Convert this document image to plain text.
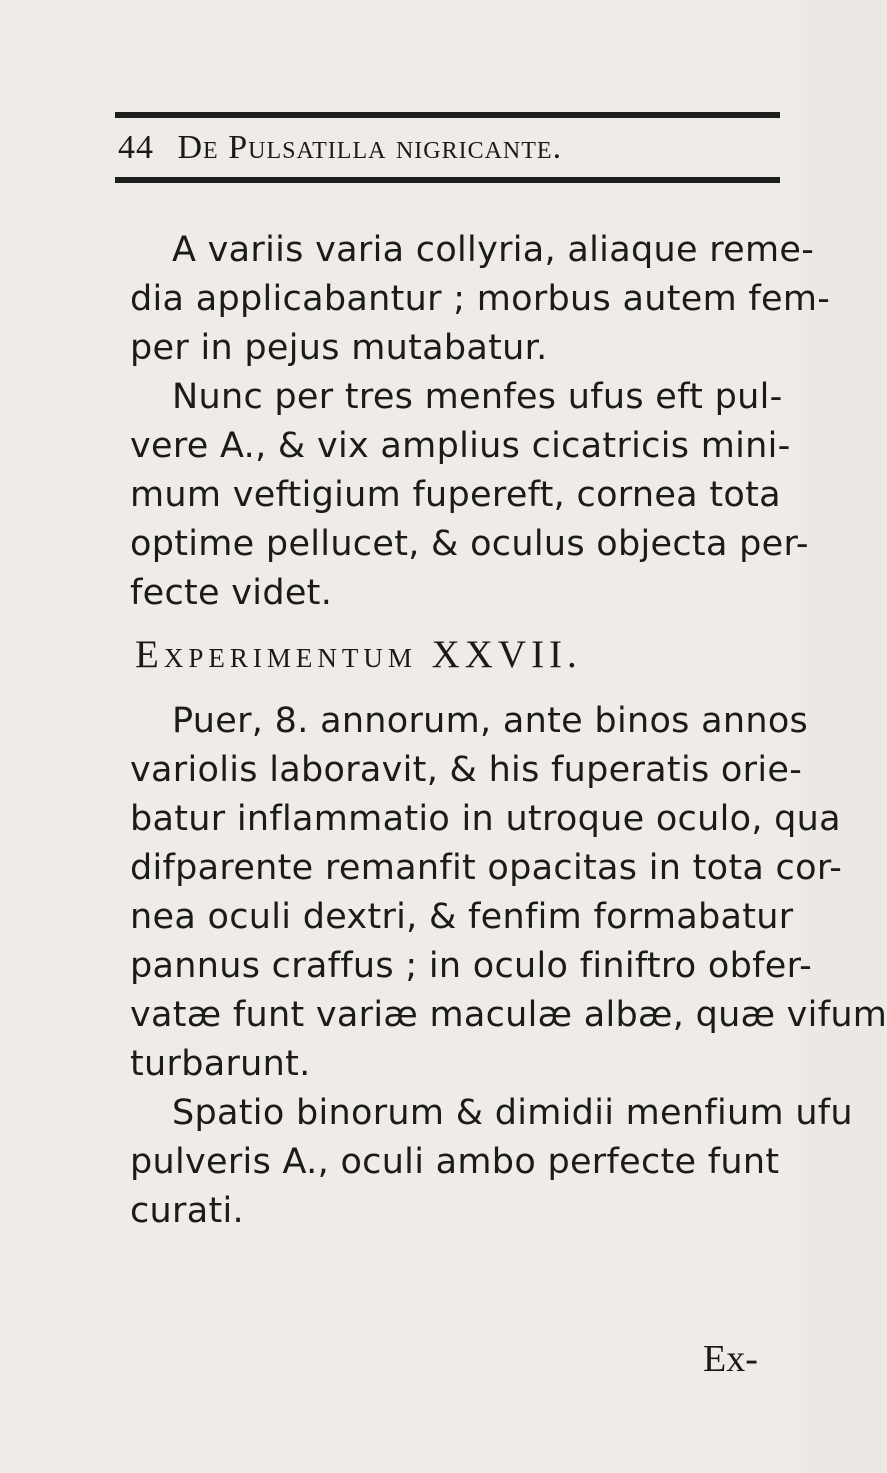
44 De Pulsatilla nigricante.
A variis varia collyria, aliaque reme-
dia applicabantur ; morbus autem fem-
per in pejus mutabatur.
Nunc per tres menfes ufus eft pul-
vere A., & vix amplius cicatricis mini-
mum veftigium fupereft, cornea tota
optime pellucet, & oculus objecta per-
fecte videt.
Experimentum XXVII.
Puer, 8. annorum, ante binos annos
variolis laboravit, & his fuperatis orie-
batur inflammatio in utroque oculo, qua
difparente remanfit opacitas in tota cor-
nea oculi dextri, & fenfim formabatur
pannus craffus ; in oculo finiftro obfer-
vatæ funt variæ maculæ albæ, quæ vifum
turbarunt.
Spatio binorum & dimidii menfium ufu
pulveris A., oculi ambo perfecte funt
curati.
Ex-
